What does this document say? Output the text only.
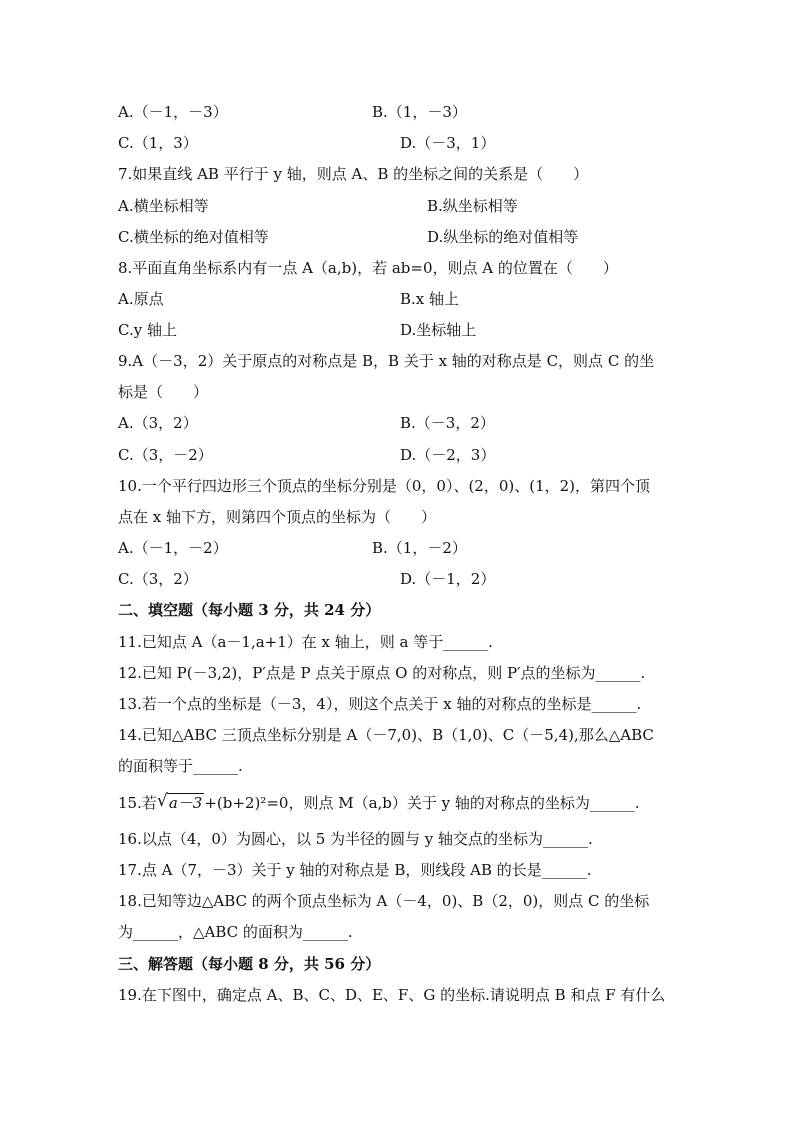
A.（－1，－3）	B.（1，－3）
C.（1，3）	D.（－3，1）
7.如果直线 AB 平行于 y 轴，则点 A、B 的坐标之间的关系是（　　）
A.横坐标相等	B.纵坐标相等
C.横坐标的绝对值相等	D.纵坐标的绝对值相等
8.平面直角坐标系内有一点 A（a,b)，若 ab=0，则点 A 的位置在（　　）
A.原点	B.x 轴上
C.y 轴上	D.坐标轴上
9.A（－3，2）关于原点的对称点是 B，B 关于 x 轴的对称点是 C，则点 C 的坐
标是（　　）
A.（3，2）	B.（－3，2）
C.（3，－2）	D.（－2，3）
10.一个平行四边形三个顶点的坐标分别是（0，0）、(2，0)、(1，2)，第四个顶
点在 x 轴下方，则第四个顶点的坐标为（　　）
A.（－1，－2）	B.（1，－2）
C.（3，2）	D.（－1，2）
二、填空题（每小题 3 分，共 24 分）
11.已知点 A（a－1,a+1）在 x 轴上，则 a 等于______.
12.已知 P(－3,2)，P′点是 P 点关于原点 O 的对称点，则 P′点的坐标为______.
13.若一个点的坐标是（－3，4），则这个点关于 x 轴的对称点的坐标是______.
14.已知△ABC 三顶点坐标分别是 A（－7,0)、B（1,0)、C（－5,4),那么△ABC
的面积等于______.
15.若 √ a－3 +(b+2)²=0，则点 M（a,b）关于 y 轴的对称点的坐标为______.
16.以点（4，0）为圆心，以 5 为半径的圆与 y 轴交点的坐标为______.
17.点 A（7，－3）关于 y 轴的对称点是 B，则线段 AB 的长是______.
18.已知等边△ABC 的两个顶点坐标为 A（－4，0)、B（2，0)，则点 C 的坐标
为______，△ABC 的面积为______.
三、解答题（每小题 8 分，共 56 分）
19.在下图中，确定点 A、B、C、D、E、F、G 的坐标.请说明点 B 和点 F 有什么
